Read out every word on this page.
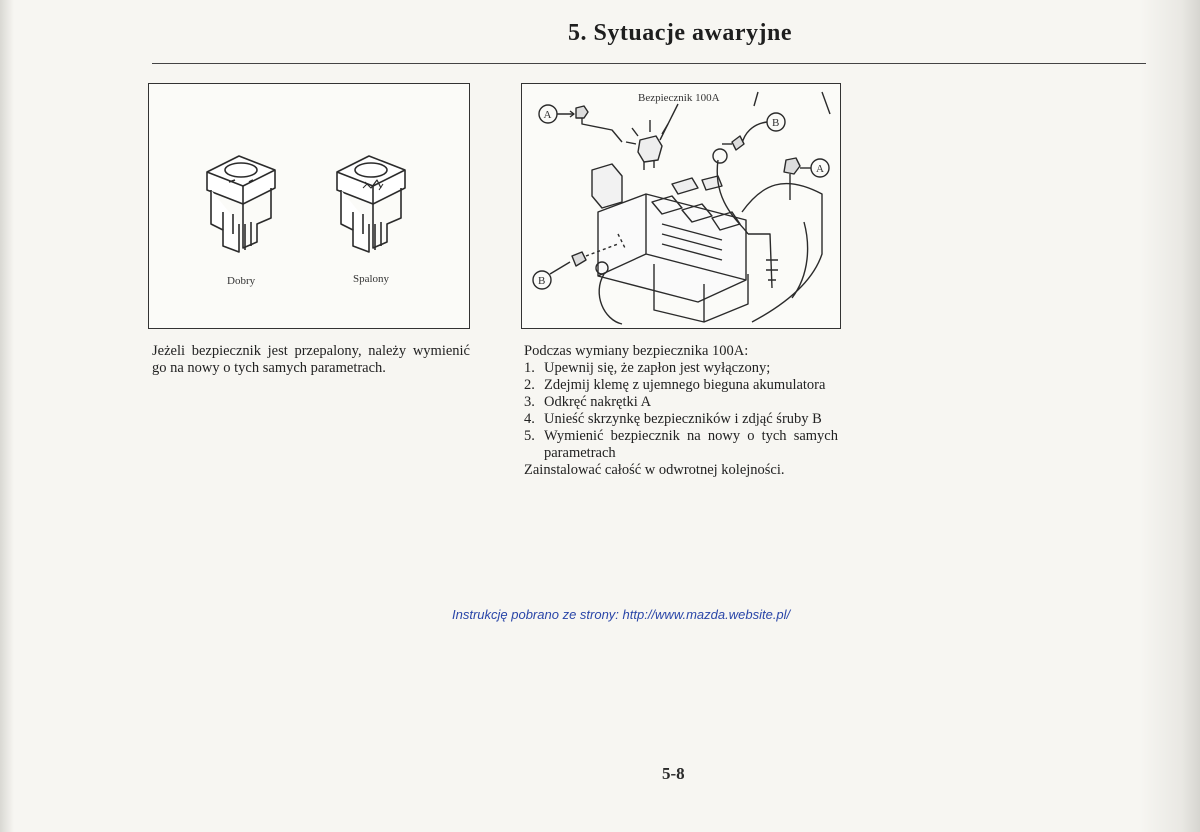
5. Sytuacje awaryjne
Dobry	Spalony
Bezpiecznik 100A
A
B
A
B
Jeżeli bezpiecznik jest przepalony, należy wymienić go na nowy o tych samych parametrach.
Podczas wymiany bezpiecznika 100A:
1. Upewnij się, że zapłon jest wyłączony;
2. Zdejmij klemę z ujemnego bieguna akumulatora
3. Odkręć nakrętki A
4. Unieść skrzynkę bezpieczników i zdjąć śruby B
5. Wymienić bezpiecznik na nowy o tych samych parametrach
Zainstalować całość w odwrotnej kolejności.
Instrukcję pobrano ze strony: http://www.mazda.website.pl/
5-8
